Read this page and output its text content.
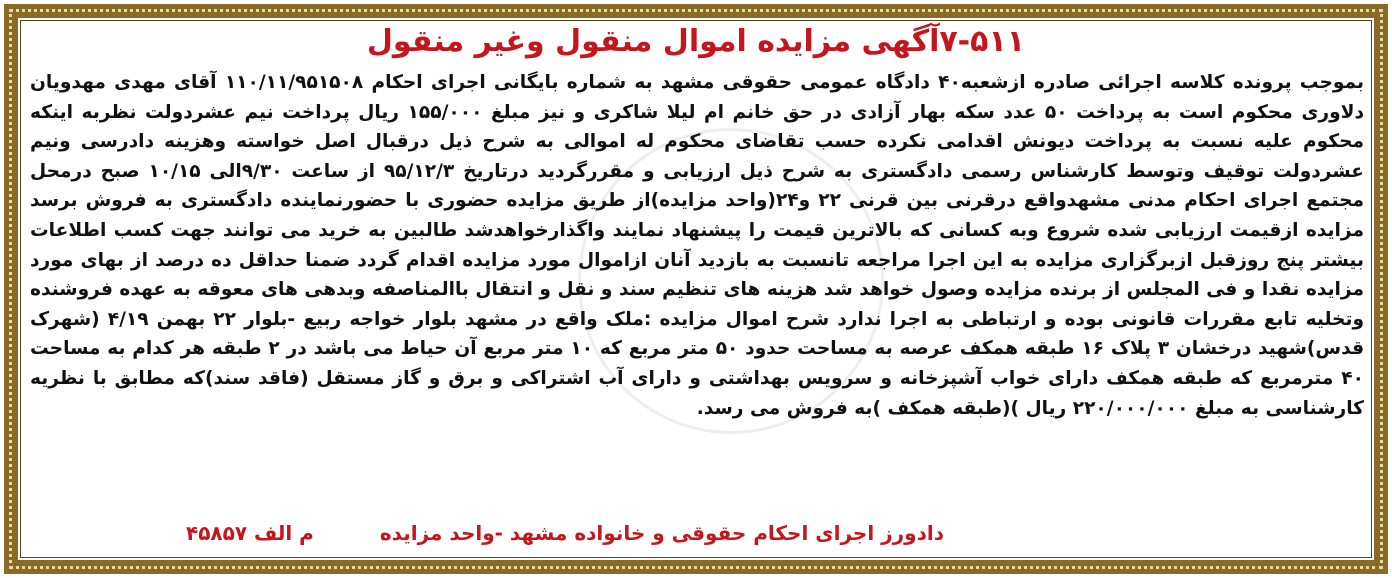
۷-۵۱۱آگهی مزایده اموال منقول وغیر منقول
بموجب پرونده کلاسه اجرائی صادره ازشعبه۴۰ دادگاه عمومی حقوقی مشهد به شماره بایگانی اجرای احکام ۱۱۰/۱۱/۹۵۱۵۰۸ آقای مهدی مهدویان دلاوری محکوم است به پرداخت ۵۰ عدد سکه بهار آزادی در حق خانم ام لیلا شاکری و نیز مبلغ ۱۵۵/۰۰۰ ریال پرداخت نیم عشردولت نظربه اینکه محکوم علیه نسبت به پرداخت دیونش اقدامی نکرده حسب تقاضای محکوم له اموالی به شرح ذیل درقبال اصل خواسته وهزینه دادرسی ونیم عشردولت توقیف وتوسط کارشناس رسمی دادگستری به شرح ذیل ارزیابی و مقررگردید درتاریخ ۹۵/۱۲/۳ از ساعت ۹/۳۰الی ۱۰/۱۵ صبح درمحل مجتمع اجرای احکام مدنی مشهدواقع درقرنی بین قرنی ۲۲ و۲۴(واحد مزایده)از طریق مزایده حضوری با حضورنماینده دادگستری به فروش برسد مزایده ازقیمت ارزیابی شده شروع وبه کسانی که بالاترین قیمت را پیشنهاد نمایند واگذارخواهدشد طالبین به خرید می توانند جهت کسب اطلاعات بیشتر پنج روزقبل ازبرگزاری مزایده به این اجرا مراجعه تانسبت به بازدید آنان ازاموال مورد مزایده اقدام گردد ضمنا حداقل ده درصد از بهای مورد مزایده نقدا و فی المجلس از برنده مزایده وصول خواهد شد هزینه های تنظیم سند و نقل و انتقال باالمناصفه وبدهی های معوقه به عهده فروشنده وتخلیه تابع مقررات قانونی بوده و ارتباطی به اجرا ندارد شرح اموال مزایده :ملک واقع در مشهد بلوار خواجه ربیع -بلوار ۲۲ بهمن ۴/۱۹ (شهرک قدس)شهید درخشان ۳ پلاک ۱۶ طبقه همکف عرصه به مساحت حدود ۵۰ متر مربع که ۱۰ متر مربع آن حیاط می باشد در ۲ طبقه هر کدام به مساحت ۴۰ مترمربع که طبقه همکف دارای خواب آشپزخانه و سرویس بهداشتی و دارای آب اشتراکی و برق و گاز مستقل (فاقد سند)که مطابق با نظریه کارشناسی به مبلغ ۲۲۰/۰۰۰/۰۰۰ ریال )(طبقه همکف )به فروش می رسد.
دادورز اجرای احکام حقوقی و خانواده مشهد -واحد مزایده
م الف ۴۵۸۵۷
